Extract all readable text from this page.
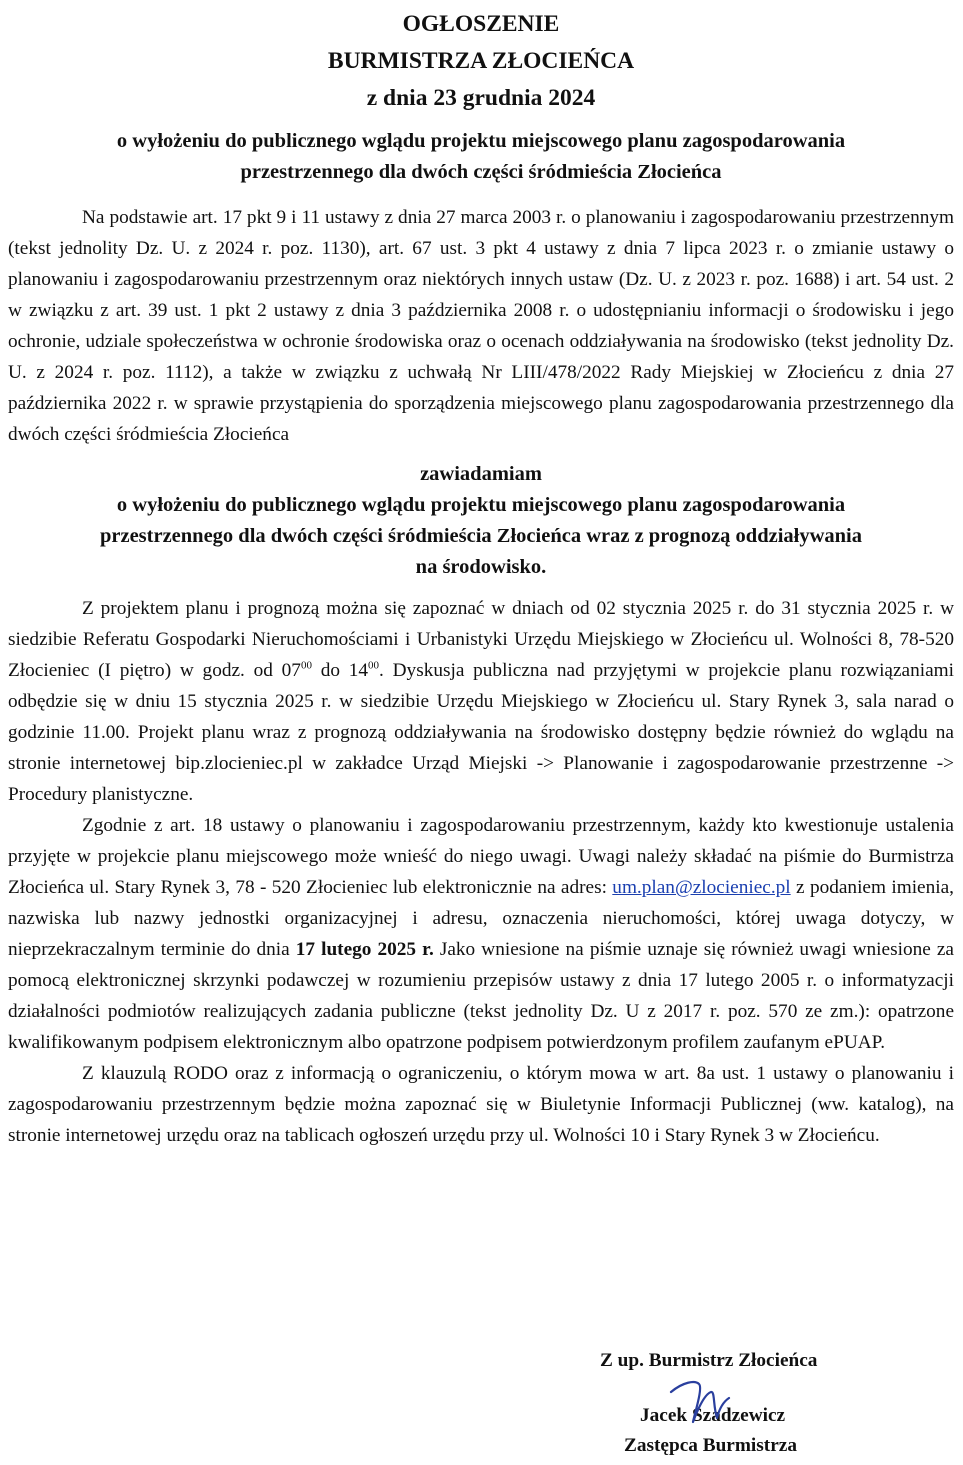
OGŁOSZENIE
BURMISTRZA ZŁOCIEŃCA
z dnia 23 grudnia 2024
o wyłożeniu do publicznego wglądu projektu miejscowego planu zagospodarowania
przestrzennego dla dwóch części śródmieścia Złocieńca

Na podstawie art. 17 pkt 9 i 11 ustawy z dnia 27 marca 2003 r. o planowaniu i zagospodarowaniu przestrzennym (tekst jednolity Dz. U. z 2024 r. poz. 1130), art. 67 ust. 3 pkt 4 ustawy z dnia 7 lipca 2023 r. o zmianie ustawy o planowaniu i zagospodarowaniu przestrzennym oraz niektórych innych ustaw (Dz. U. z 2023 r. poz. 1688) i art. 54 ust. 2 w związku z art. 39 ust. 1 pkt 2 ustawy z dnia 3 października 2008 r. o udostępnianiu informacji o środowisku i jego ochronie, udziale społeczeństwa w ochronie środowiska oraz o ocenach oddziaływania na środowisko (tekst jednolity Dz. U. z 2024 r. poz. 1112), a także w związku z uchwałą Nr LIII/478/2022 Rady Miejskiej w Złocieńcu z dnia 27 października 2022 r. w sprawie przystąpienia do sporządzenia miejscowego planu zagospodarowania przestrzennego dla dwóch części śródmieścia Złocieńca

zawiadamiam
o wyłożeniu do publicznego wglądu projektu miejscowego planu zagospodarowania
przestrzennego dla dwóch części śródmieścia Złocieńca wraz z prognozą oddziaływania
na środowisko.

Z projektem planu i prognozą można się zapoznać w dniach od 02 stycznia 2025 r. do 31 stycznia 2025 r. w siedzibie Referatu Gospodarki Nieruchomościami i Urbanistyki Urzędu Miejskiego w Złocieńcu ul. Wolności 8, 78-520 Złocieniec (I piętro) w godz. od $07^{00}$ do $14^{00}$. Dyskusja publiczna nad przyjętymi w projekcie planu rozwiązaniami odbędzie się w dniu 15 stycznia 2025 r. w siedzibie Urzędu Miejskiego w Złocieńcu ul. Stary Rynek 3, sala narad o godzinie 11.00. Projekt planu wraz z prognozą oddziaływania na środowisko dostępny będzie również do wglądu na stronie internetowej bip.zlocieniec.pl w zakładce Urząd Miejski -> Planowanie i zagospodarowanie przestrzenne -> Procedury planistyczne.

Zgodnie z art. 18 ustawy o planowaniu i zagospodarowaniu przestrzennym, każdy kto kwestionuje ustalenia przyjęte w projekcie planu miejscowego może wnieść do niego uwagi. Uwagi należy składać na piśmie do Burmistrza Złocieńca ul. Stary Rynek 3, 78 - 520 Złocieniec lub elektronicznie na adres: um.plan@zlocieniec.pl z podaniem imienia, nazwiska lub nazwy jednostki organizacyjnej i adresu, oznaczenia nieruchomości, której uwaga dotyczy, w nieprzekraczalnym terminie do dnia 17 lutego 2025 r. Jako wniesione na piśmie uznaje się również uwagi wniesione za pomocą elektronicznej skrzynki podawczej w rozumieniu przepisów ustawy z dnia 17 lutego 2005 r. o informatyzacji działalności podmiotów realizujących zadania publiczne (tekst jednolity Dz. U z 2017 r. poz. 570 ze zm.): opatrzone kwalifikowanym podpisem elektronicznym albo opatrzone podpisem potwierdzonym profilem zaufanym ePUAP.

Z klauzulą RODO oraz z informacją o ograniczeniu, o którym mowa w art. 8a ust. 1 ustawy o planowaniu i zagospodarowaniu przestrzennym będzie można zapoznać się w Biuletynie Informacji Publicznej (ww. katalog), na stronie internetowej urzędu oraz na tablicach ogłoszeń urzędu przy ul. Wolności 10 i Stary Rynek 3 w Złocieńcu.

Z up. Burmistrz Złocieńca
Jacek Szadzewicz
Zastępca Burmistrza
